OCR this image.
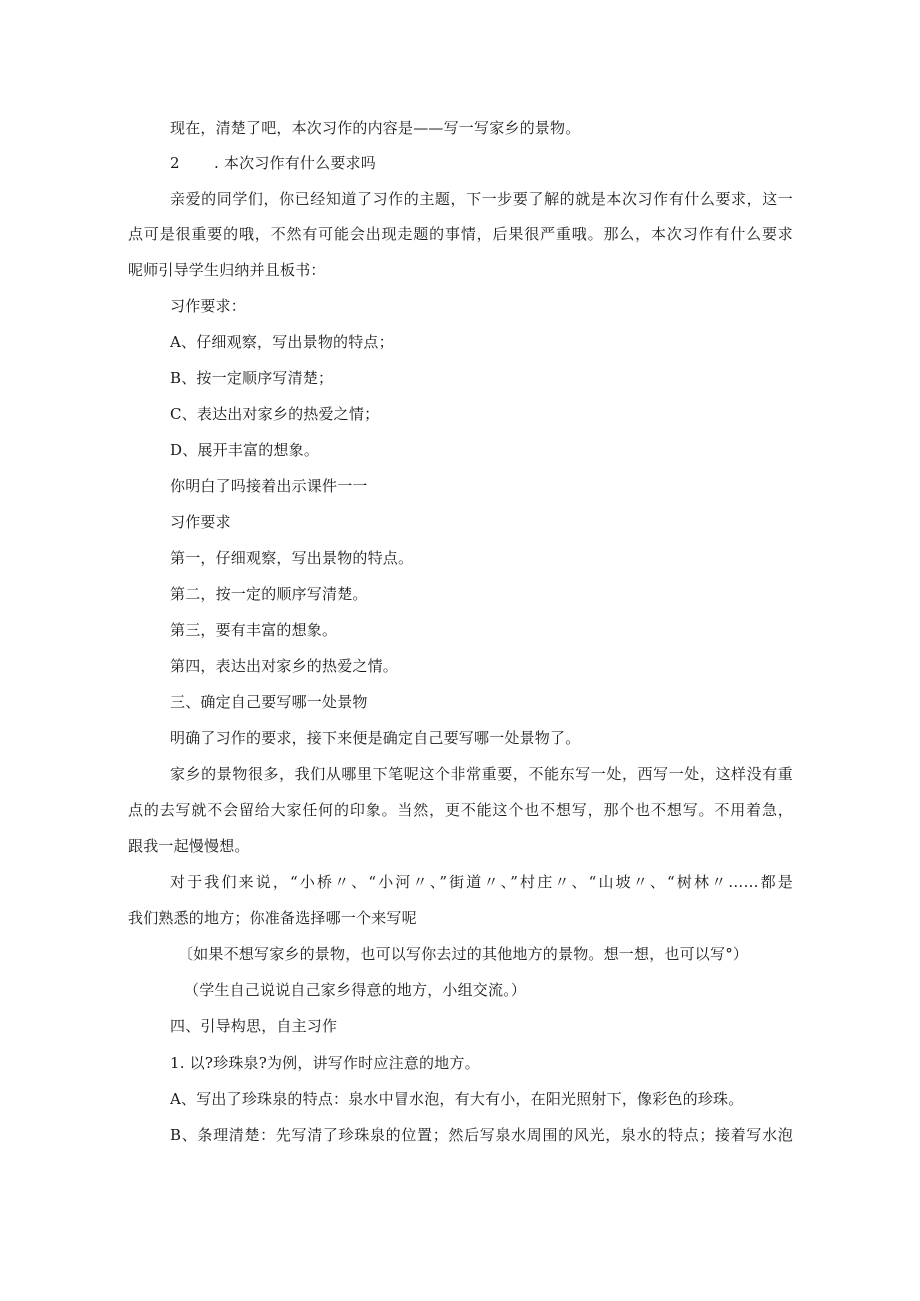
现在，清楚了吧，本次习作的内容是——写一写家乡的景物。
2 . 本次习作有什么要求吗
亲爱的同学们，你已经知道了习作的主题，下一步要了解的就是本次习作有什么要求，这一
点可是很重要的哦，不然有可能会出现走题的事情，后果很严重哦。那么，本次习作有什么要求
呢师引导学生归纳并且板书：
习作要求：
A、仔细观察，写出景物的特点；
B、按一定顺序写清楚；
C、表达出对家乡的热爱之情；
D、展开丰富的想象。
你明白了吗接着出示课件一一
习作要求
第一，仔细观察，写出景物的特点。
第二，按一定的顺序写清楚。
第三，要有丰富的想象。
第四，表达出对家乡的热爱之情。
三、确定自己要写哪一处景物
明确了习作的要求，接下来便是确定自己要写哪一处景物了。
家乡的景物很多，我们从哪里下笔呢这个非常重要，不能东写一处，西写一处，这样没有重
点的去写就不会留给大家任何的印象。当然，更不能这个也不想写，那个也不想写。不用着急，
跟我一起慢慢想。
对于我们来说，“小桥〃、“小河〃、”街道〃、”村庄〃、“山坡〃、“树林〃……都是
我们熟悉的地方；你准备选择哪一个来写呢
〔如果不想写家乡的景物，也可以写你去过的其他地方的景物。想一想，也可以写°）
（学生自己说说自己家乡得意的地方，小组交流。）
四、引导构思，自主习作
1. 以?珍珠泉?为例，讲写作时应注意的地方。
A、写出了珍珠泉的特点：泉水中冒水泡，有大有小，在阳光照射下，像彩色的珍珠。
B、条理清楚：先写清了珍珠泉的位置；然后写泉水周围的风光，泉水的特点；接着写水泡
